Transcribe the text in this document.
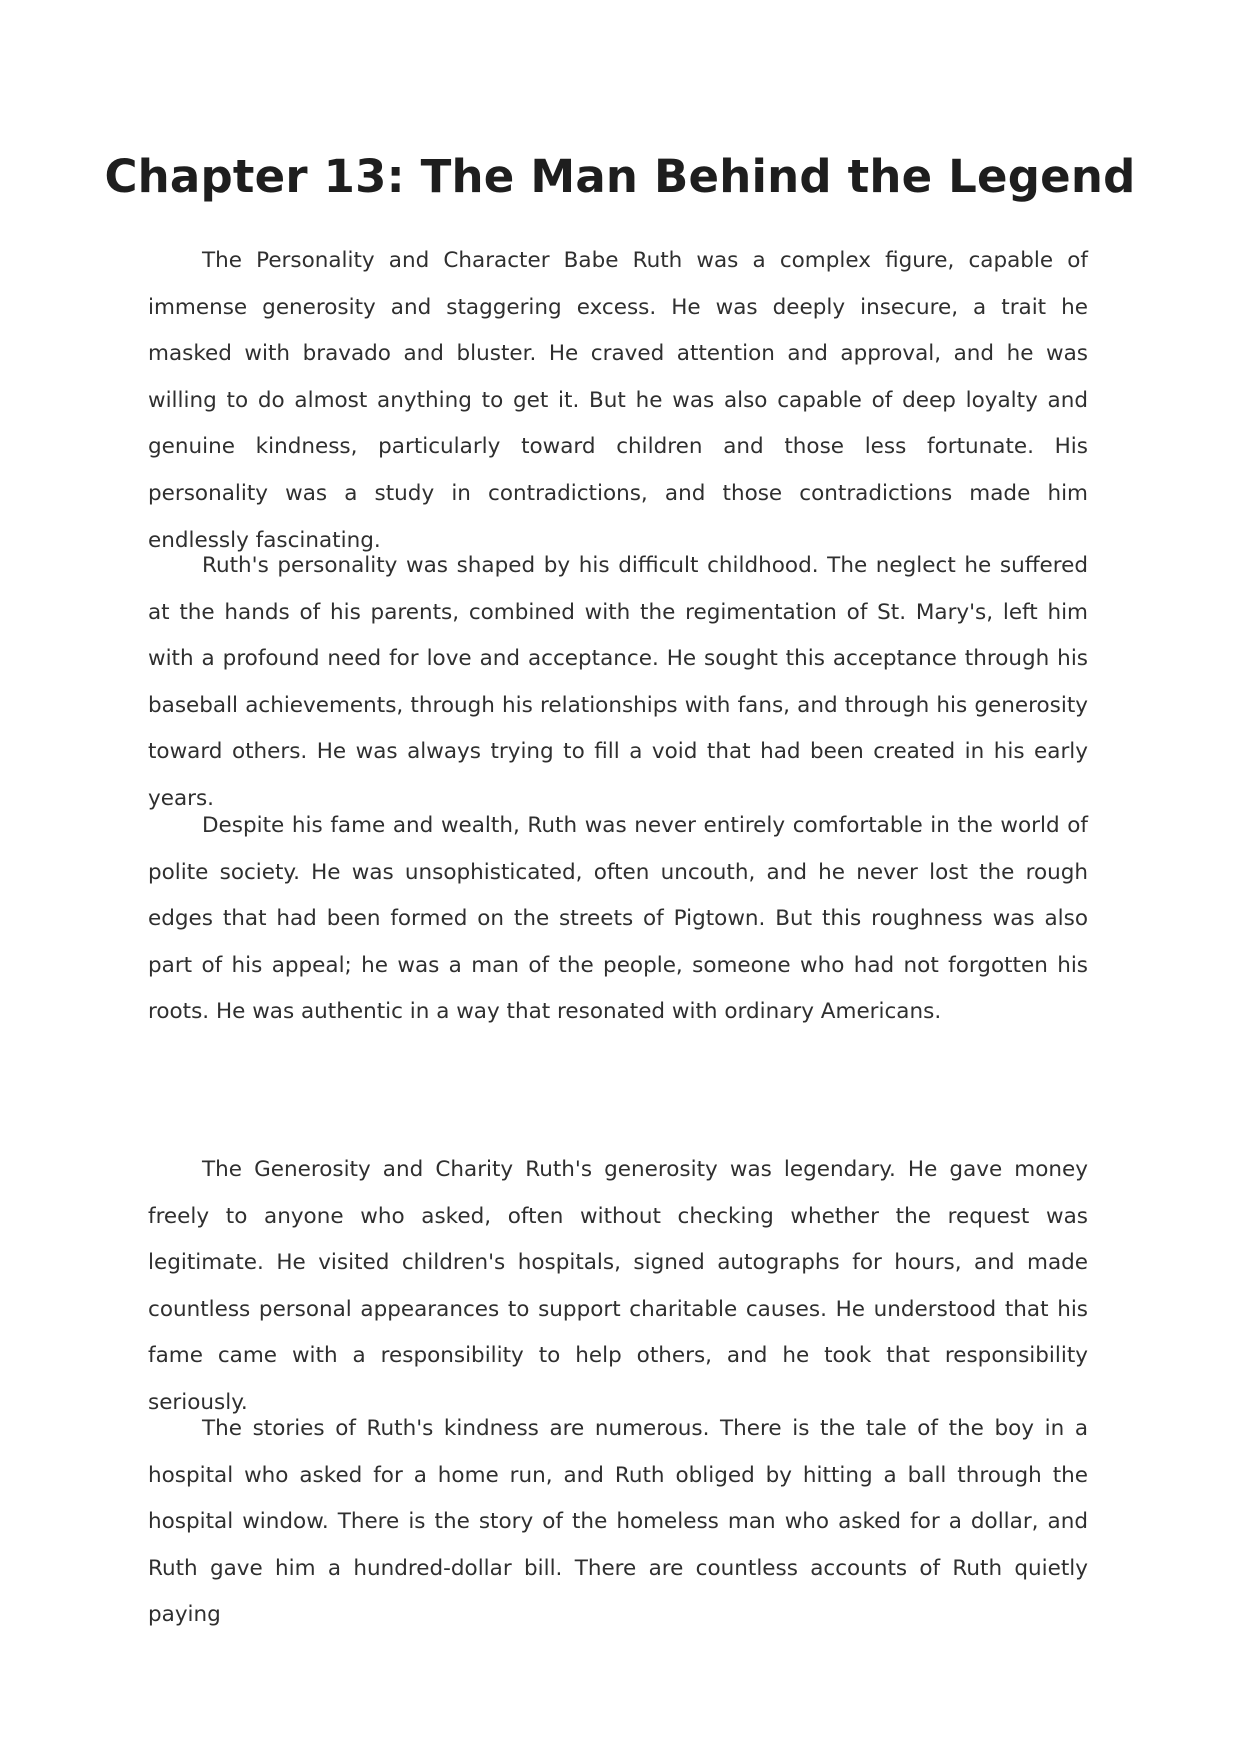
Chapter 13: The Man Behind the Legend

The Personality and Character Babe Ruth was a complex figure, capable of immense generosity and staggering excess. He was deeply insecure, a trait he masked with bravado and bluster. He craved attention and approval, and he was willing to do almost anything to get it. But he was also capable of deep loyalty and genuine kindness, particularly toward children and those less fortunate. His personality was a study in contradictions, and those contradictions made him endlessly fascinating.

Ruth's personality was shaped by his difficult childhood. The neglect he suffered at the hands of his parents, combined with the regimentation of St. Mary's, left him with a profound need for love and acceptance. He sought this acceptance through his baseball achievements, through his relationships with fans, and through his generosity toward others. He was always trying to fill a void that had been created in his early years.

Despite his fame and wealth, Ruth was never entirely comfortable in the world of polite society. He was unsophisticated, often uncouth, and he never lost the rough edges that had been formed on the streets of Pigtown. But this roughness was also part of his appeal; he was a man of the people, someone who had not forgotten his roots. He was authentic in a way that resonated with ordinary Americans.

The Generosity and Charity Ruth's generosity was legendary. He gave money freely to anyone who asked, often without checking whether the request was legitimate. He visited children's hospitals, signed autographs for hours, and made countless personal appearances to support charitable causes. He understood that his fame came with a responsibility to help others, and he took that responsibility seriously.

The stories of Ruth's kindness are numerous. There is the tale of the boy in a hospital who asked for a home run, and Ruth obliged by hitting a ball through the hospital window. There is the story of the homeless man who asked for a dollar, and Ruth gave him a hundred-dollar bill. There are countless accounts of Ruth quietly paying
